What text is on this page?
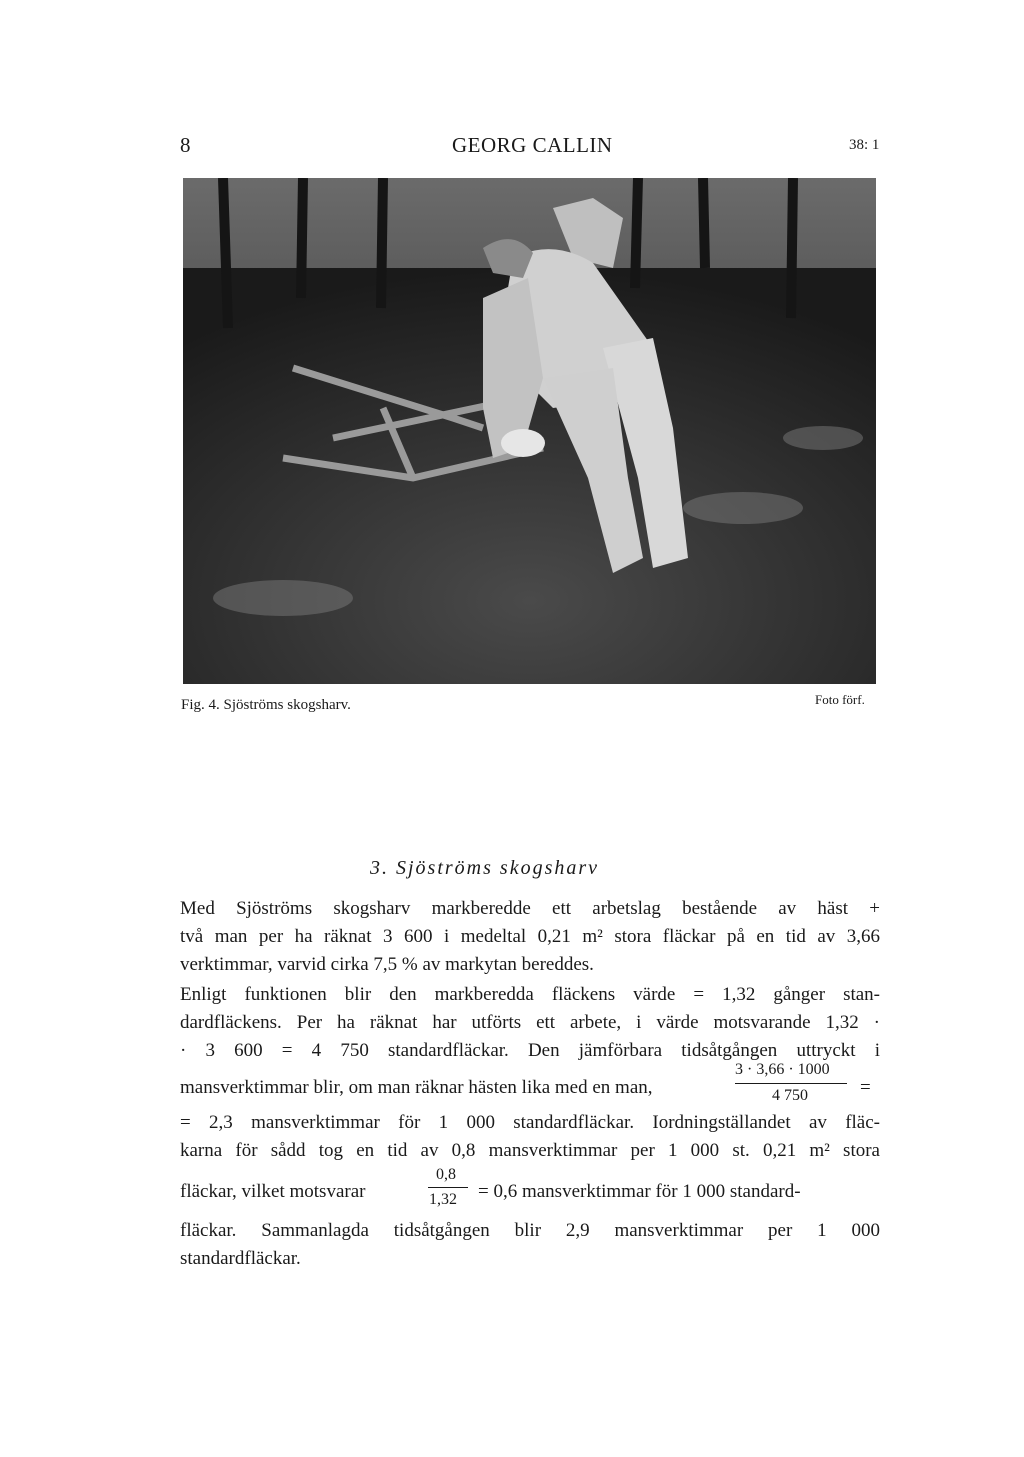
8	GEORG CALLIN	38: 1
Fig. 4. Sjöströms skogsharv.	Foto förf.
3. Sjöströms skogsharv
Med Sjöströms skogsharv markberedde ett arbetslag bestående av häst +
två man per ha räknat 3 600 i medeltal 0,21 m² stora fläckar på en tid av 3,66
verktimmar, varvid cirka 7,5 % av markytan bereddes.
Enligt funktionen blir den markberedda fläckens värde = 1,32 gånger stan-
dardfläckens. Per ha räknat har utförts ett arbete, i värde motsvarande 1,32 ·
· 3 600 = 4 750 standardfläckar. Den jämförbara tidsåtgången uttryckt i
3 · 3,66 · 1000
4 750
mansverktimmar blir, om man räknar hästen lika med en man,	=
= 2,3 mansverktimmar för 1 000 standardfläckar. Iordningställandet av fläc-
karna för sådd tog en tid av 0,8 mansverktimmar per 1 000 st. 0,21 m² stora
0,8
1,32
fläckar, vilket motsvarar	= 0,6 mansverktimmar för 1 000 standard-
fläckar. Sammanlagda tidsåtgången blir 2,9 mansverktimmar per 1 000
standardfläckar.
